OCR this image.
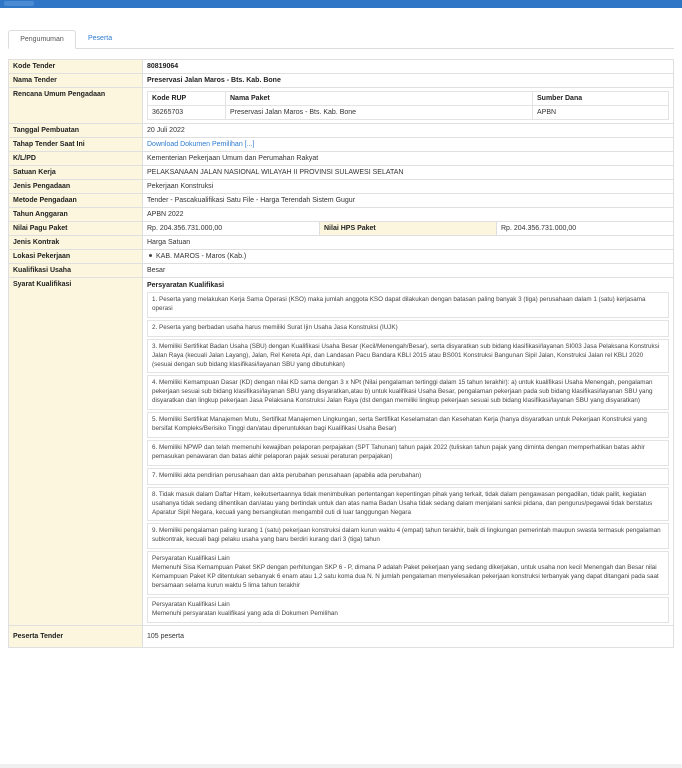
Pengumuman	Peserta
Kode Tender	80819064
Nama Tender	Preservasi Jalan Maros - Bts. Kab. Bone
Rencana Umum Pengadaan	
Kode RUP	Nama Paket	Sumber Dana
36265703	Preservasi Jalan Maros - Bts. Kab. Bone	APBN

Tanggal Pembuatan	20 Juli 2022
Tahap Tender Saat Ini	Download Dokumen Pemilihan [...]
K/L/PD	Kementerian Pekerjaan Umum dan Perumahan Rakyat
Satuan Kerja	PELAKSANAAN JALAN NASIONAL WILAYAH II PROVINSI SULAWESI SELATAN
Jenis Pengadaan	Pekerjaan Konstruksi
Metode Pengadaan	Tender - Pascakualifikasi Satu File - Harga Terendah Sistem Gugur
Tahun Anggaran	APBN 2022
Nilai Pagu Paket	Rp. 204.356.731.000,00	Nilai HPS Paket	Rp. 204.356.731.000,00
Jenis Kontrak	Harga Satuan
Lokasi Pekerjaan	KAB. MAROS - Maros (Kab.)
Kualifikasi Usaha	Besar
Syarat Kualifikasi	Persyaratan Kualifikasi
1. Peserta yang melakukan Kerja Sama Operasi (KSO) maka jumlah anggota KSO dapat dilakukan dengan batasan paling banyak 3 (tiga) perusahaan dalam 1 (satu) kerjasama operasi
2. Peserta yang berbadan usaha harus memiliki Surat Ijin Usaha Jasa Konstruksi (IUJK)
3. Memiliki Sertifikat Badan Usaha (SBU) dengan Kualifikasi Usaha Besar (Kecil/Menengah/Besar), serta disyaratkan sub bidang klasifikasi/layanan SI003 Jasa Pelaksana Konstruksi Jalan Raya (kecuali Jalan Layang), Jalan, Rel Kereta Api, dan Landasan Pacu Bandara KBLI 2015 atau BS001 Konstruksi Bangunan Sipil Jalan, Konstruksi Jalan rel KBLI 2020 (sesuai dengan sub bidang klasifikasi/layanan SBU yang dibutuhkan)
4. Memiliki Kemampuan Dasar (KD) dengan nilai KD sama dengan 3 x NPt (Nilai pengalaman tertinggi dalam 15 tahun terakhir): a) untuk kualifikasi Usaha Menengah, pengalaman pekerjaan sesuai sub bidang klasifikasi/layanan SBU yang disyaratkan,atau b) untuk kualifikasi Usaha Besar, pengalaman pekerjaan pada sub bidang klasifikasi/layanan SBU yang disyaratkan dan lingkup pekerjaan Jasa Pelaksana Konstruksi Jalan Raya (dst dengan memiliki lingkup pekerjaan sesuai sub bidang klasifikasi/layanan SBU yang disyaratkan)
5. Memiliki Sertifikat Manajemen Mutu, Sertifikat Manajemen Lingkungan, serta Sertifikat Keselamatan dan Kesehatan Kerja (hanya disyaratkan untuk Pekerjaan Konstruksi yang bersifat Kompleks/Berisiko Tinggi dan/atau diperuntukkan bagi Kualifikasi Usaha Besar)
6. Memiliki NPWP dan telah memenuhi kewajiban pelaporan perpajakan (SPT Tahunan) tahun pajak 2022 (tuliskan tahun pajak yang diminta dengan memperhatikan batas akhir pemasukan penawaran dan batas akhir pelaporan pajak sesuai peraturan perpajakan)
7. Memiliki akta pendirian perusahaan dan akta perubahan perusahaan (apabila ada perubahan)
8. Tidak masuk dalam Daftar Hitam, keikutsertaannya tidak menimbulkan pertentangan kepentingan pihak yang terkait, tidak dalam pengawasan pengadilan, tidak pailit, kegiatan usahanya tidak sedang dihentikan dan/atau yang bertindak untuk dan atas nama Badan Usaha tidak sedang dalam menjalani sanksi pidana, dan pengurus/pegawai tidak berstatus Aparatur Sipil Negara, kecuali yang bersangkutan mengambil cuti di luar tanggungan Negara
9. Memiliki pengalaman paling kurang 1 (satu) pekerjaan konstruksi dalam kurun waktu 4 (empat) tahun terakhir, baik di lingkungan pemerintah maupun swasta termasuk pengalaman subkontrak, kecuali bagi pelaku usaha yang baru berdiri kurang dari 3 (tiga) tahun
Persyaratan Kualifikasi Lain
Memenuhi Sisa Kemampuan Paket SKP dengan perhitungan SKP 6 - P, dimana P adalah Paket pekerjaan yang sedang dikerjakan, untuk usaha non kecil Menengah dan Besar nilai Kemampuan Paket KP ditentukan sebanyak 6 enam atau 1,2 satu koma dua N. N jumlah pengalaman menyelesaikan pekerjaan konstruksi terbanyak yang dapat ditangani pada saat bersamaan selama kurun waktu 5 lima tahun terakhir
Persyaratan Kualifikasi Lain
Memenuhi persyaratan kualifikasi yang ada di Dokumen Pemilihan

Peserta Tender	105 peserta
